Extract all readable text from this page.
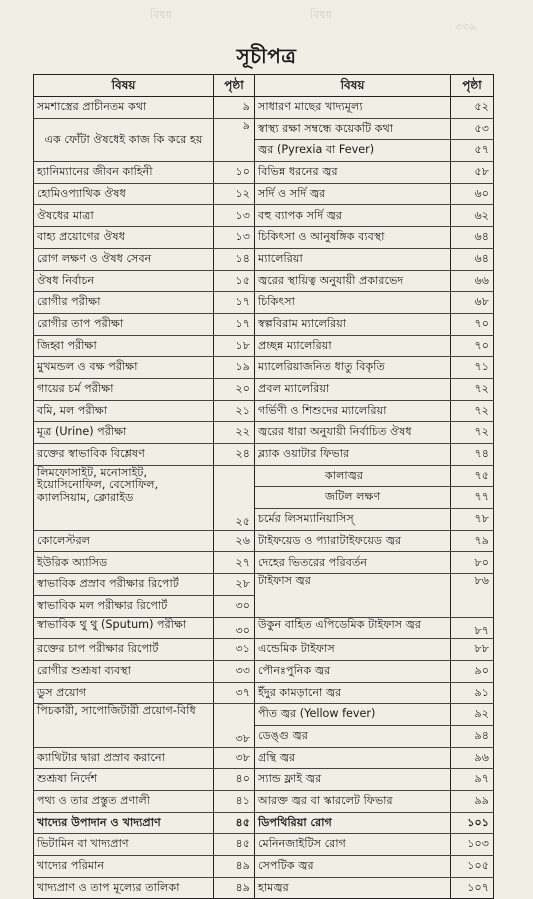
বিষয়	বিষয়
৩৩৯
সূচীপত্র
বিষয়	পৃষ্ঠা	বিষয়	পৃষ্ঠা
সমশাস্ত্রের প্রাচীনতম কথা	৯	সাধারণ মাছের খাদ্যমূল্য	৫২
এক ফোঁটা ঔষধেই কাজ কি করে হয়	৯	স্বাস্থ্য রক্ষা সম্বন্ধে কয়েকটি কথা	৫৩
		জ্বর (Pyrexia বা Fever)	৫৭
হ্যানিম্যানের জীবন কাহিনী	১০	বিভিন্ন ধরনের জ্বর	৫৮
হোমিওপ্যাথিক ঔষধ	১২	সর্দি ও সর্দি জ্বর	৬০
ঔষধের মাত্রা	১৩	বহু ব্যাপক সর্দি জ্বর	৬২
বাহ্য প্রয়োগের ঔষধ	১৩	চিকিৎসা ও আনুষঙ্গিক ব্যবস্থা	৬৪
রোগ লক্ষণ ও ঔষধ সেবন	১৪	ম্যালেরিয়া	৬৪
ঔষধ নির্বাচন	১৫	জ্বরের স্থায়িত্ব অনুযায়ী প্রকারভেদ	৬৬
রোগীর পরীক্ষা	১৭	চিকিৎসা	৬৮
রোগীর তাপ পরীক্ষা	১৭	স্বল্পবিরাম ম্যালেরিয়া	৭০
জিহ্বা পরীক্ষা	১৮	প্রচ্ছন্ন ম্যালেরিয়া	৭০
মুখমন্ডল ও বক্ষ পরীক্ষা	১৯	ম্যালেরিয়াজনিত ধাতু বিকৃতি	৭১
গায়ের চর্ম পরীক্ষা	২০	প্রবল ম্যালেরিয়া	৭২
বমি, মল পরীক্ষা	২১	গর্ভিণী ও শিশুদের ম্যালেরিয়া	৭২
মূত্র (Urine) পরীক্ষা	২২	জ্বরের ধারা অনুযায়ী নির্বাচিত ঔষধ	৭২
রক্তের স্বাভাবিক বিশ্লেষণ	২৪	ব্ল্যাক ওয়াটার ফিভার	৭৪
লিমফোসাইট, মনোসাইট, ইয়োসিনোফিল, বেসোফিল, ক্যালসিয়াম, ক্লোরাইড	২৫	কালাজ্বর	৭৫
		জটিল লক্ষণ	৭৭
		চর্মের লিসম্যানিয়াসিস্	৭৮
কোলেস্টরল	২৬	টাইফয়েড ও প্যারাটাইফয়েড জ্বর	৭৯
ইউরিক অ্যাসিড	২৭	দেহের ভিতরের পরিবর্তন	৮০
স্বাভাবিক প্রস্রাব পরীক্ষার রিপোর্ট	২৮	টাইফাস জ্বর	৮৬
স্বাভাবিক মল পরীক্ষার রিপোর্ট	৩০		
স্বাভাবিক থু থু (Sputum) পরীক্ষা	৩০	উকুন বাহিত এপিডেমিক টাইফাস জ্বর	৮৭

রক্তের চাপ পরীক্ষার রিপোর্ট	৩১	এন্ডেমিক টাইফাস	৮৮
রোগীর শুশ্রূষা ব্যবস্থা	৩৩	পৌনঃপুনিক জ্বর	৯০
ডুস প্রয়োগ	৩৭	ইঁদুর কামড়ানো জ্বর	৯১
পিচকারী, সাপোজিটারী প্রয়োগ-বিধি	৩৮	পীত জ্বর (Yellow fever)	৯২
		ডেঙ্গু জ্বর	৯৪
ক্যাথিটার দ্বারা প্রস্রাব করানো	৩৮	গ্রন্থি জ্বর	৯৬
শুশ্রূষা নির্দেশ	৪০	স্যান্ড ফ্লাই জ্বর	৯৭
পথ্য ও তার প্রস্তুত প্রণালী	৪১	আরক্ত জ্বর বা স্কারলেট ফিভার	৯৯
খাদ্যের উপাদান ও খাদ্যপ্রাণ	৪৫	ডিপথিরিয়া রোগ	১০১
ভিটামিন বা খাদ্যপ্রাণ	৪৫	মেনিনজাইটিস রোগ	১০৩
খাদ্যের পরিমান	৪৯	সেপটিক জ্বর	১০৫
খাদ্যপ্রাণ ও তাপ মূল্যের তালিকা	৪৯	হামজ্বর	১০৭
